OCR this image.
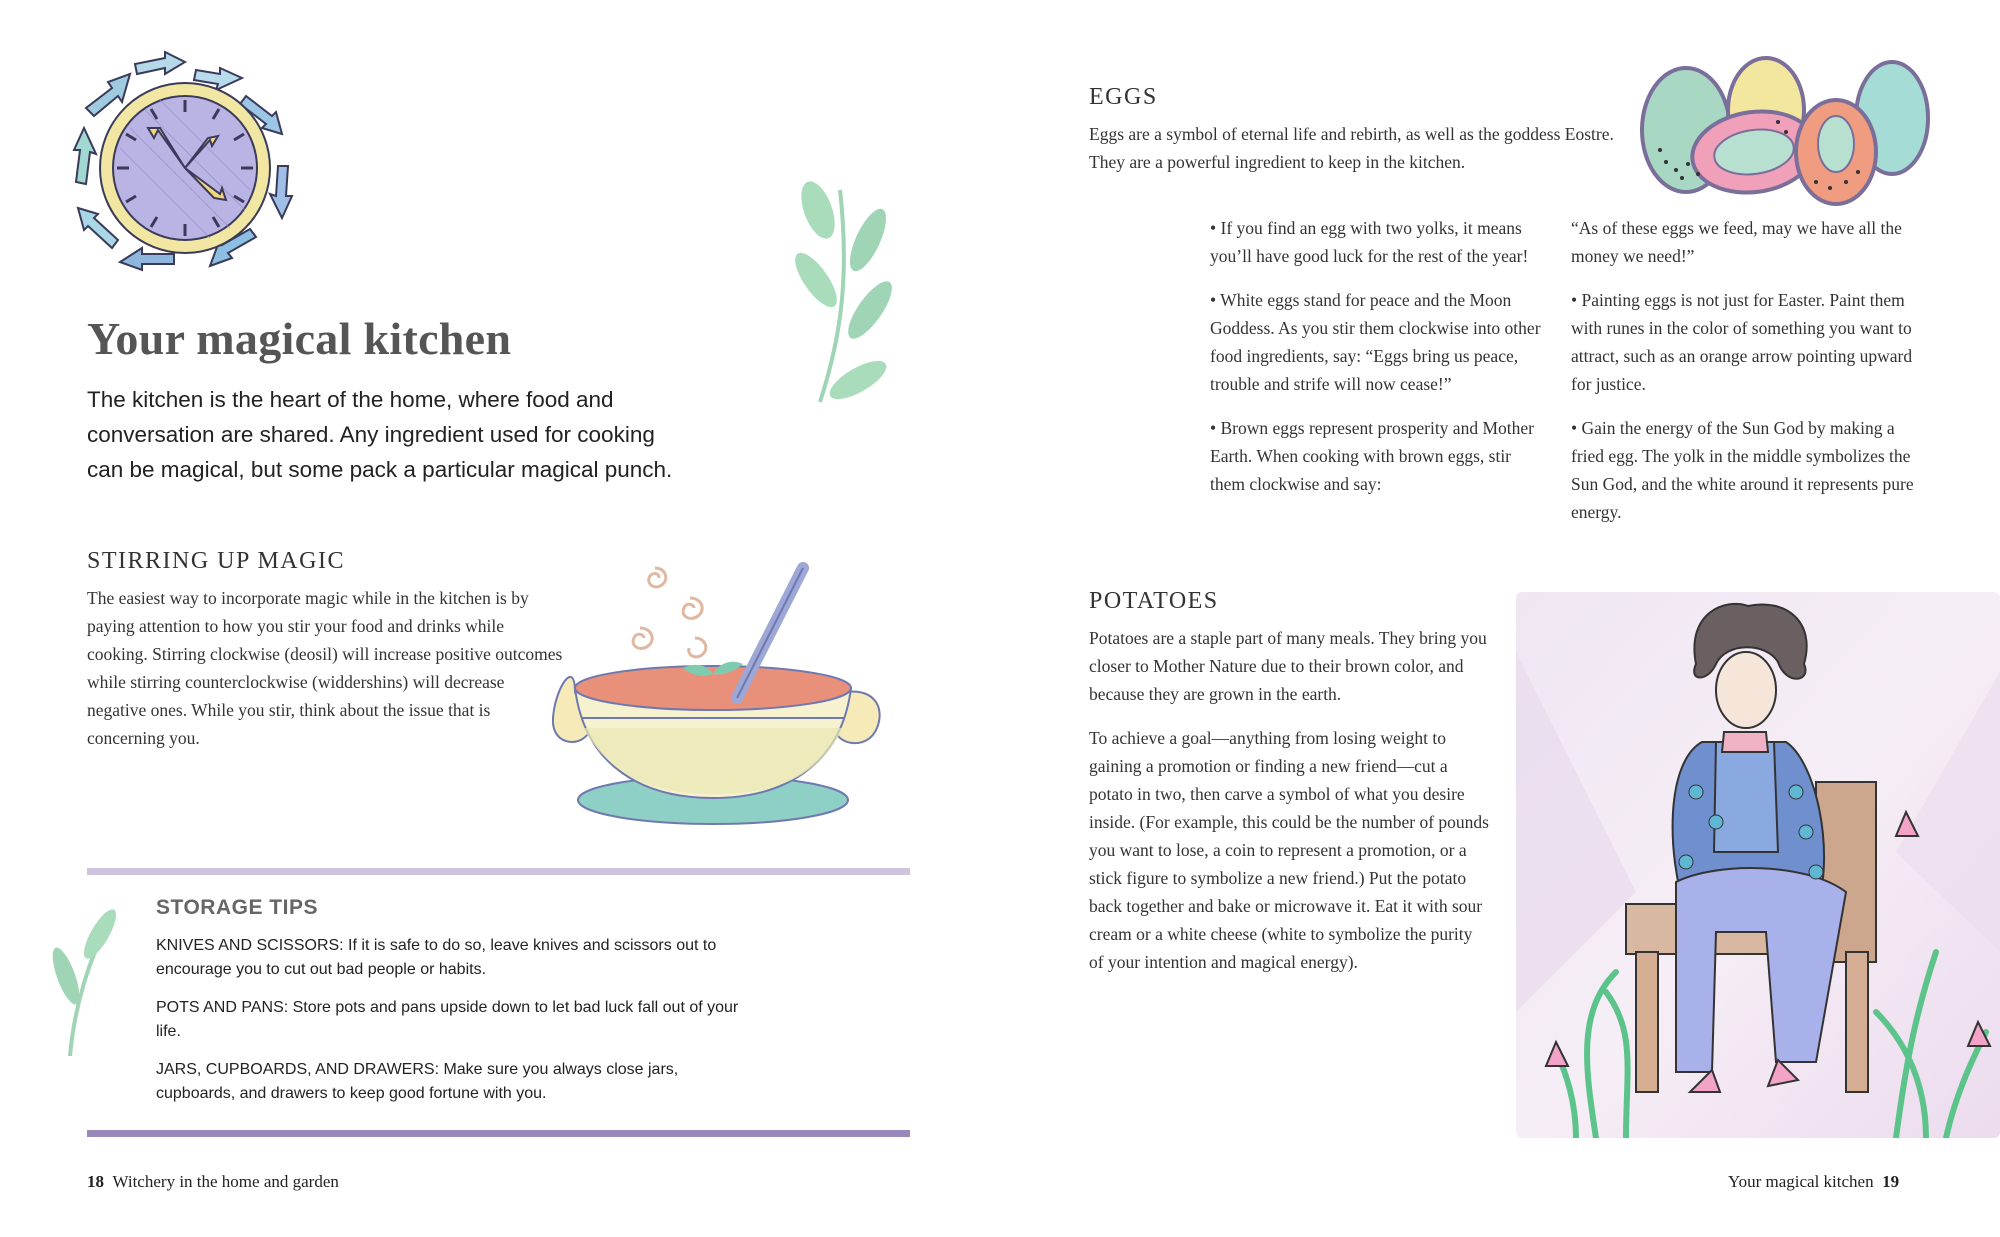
Your magical kitchen
The kitchen is the heart of the home, where food and conversation are shared. Any ingredient used for cooking can be magical, but some pack a particular magical punch.
STIRRING UP MAGIC
The easiest way to incorporate magic while in the kitchen is by paying attention to how you stir your food and drinks while cooking. Stirring clockwise (deosil) will increase positive outcomes while stirring counterclockwise (widdershins) will decrease negative ones. While you stir, think about the issue that is concerning you.
STORAGE TIPS

KNIVES AND SCISSORS: If it is safe to do so, leave knives and scissors out to encourage you to cut out bad people or habits.

POTS AND PANS: Store pots and pans upside down to let bad luck fall out of your life.

JARS, CUPBOARDS, AND DRAWERS: Make sure you always close jars, cupboards, and drawers to keep good fortune with you.

18 Witchery in the home and garden
EGGS
Eggs are a symbol of eternal life and rebirth, as well as the goddess Eostre. They are a powerful ingredient to keep in the kitchen.

• If you find an egg with two yolks, it means you’ll have good luck for the rest of the year!

• White eggs stand for peace and the Moon Goddess. As you stir them clockwise into other food ingredients, say: “Eggs bring us peace, trouble and strife will now cease!”

• Brown eggs represent prosperity and Mother Earth. When cooking with brown eggs, stir them clockwise and say:

“As of these eggs we feed, may we have all the money we need!”

• Painting eggs is not just for Easter. Paint them with runes in the color of something you want to attract, such as an orange arrow pointing upward for justice.

• Gain the energy of the Sun God by making a fried egg. The yolk in the middle symbolizes the Sun God, and the white around it represents pure energy.

POTATOES

Potatoes are a staple part of many meals. They bring you closer to Mother Nature due to their brown color, and because they are grown in the earth.

To achieve a goal—anything from losing weight to gaining a promotion or finding a new friend—cut a potato in two, then carve a symbol of what you desire inside. (For example, this could be the number of pounds you want to lose, a coin to represent a promotion, or a stick figure to symbolize a new friend.) Put the potato back together and bake or microwave it. Eat it with sour cream or a white cheese (white to symbolize the purity of your intention and magical energy).

Your magical kitchen 19
